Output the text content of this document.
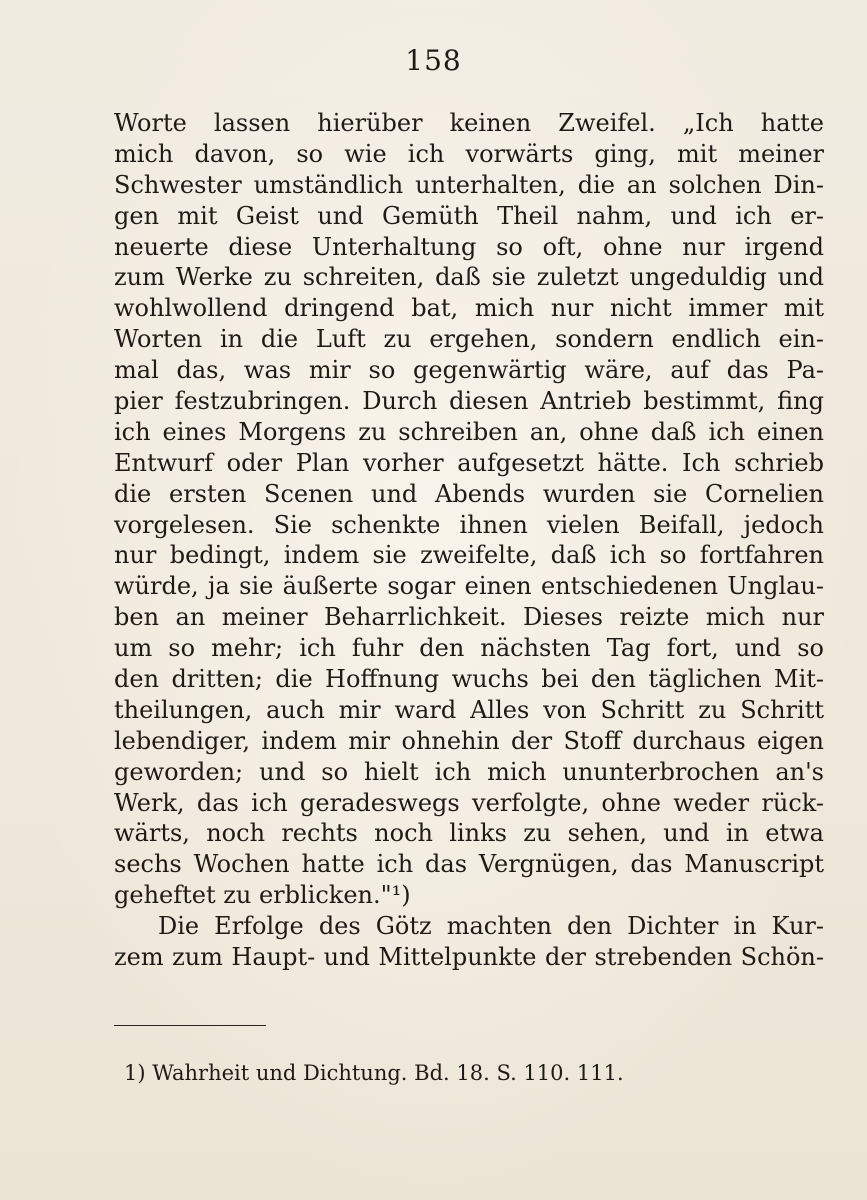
158
Worte lassen hierüber keinen Zweifel. „Ich hatte
mich davon, so wie ich vorwärts ging, mit meiner
Schwester umständlich unterhalten, die an solchen Din-
gen mit Geist und Gemüth Theil nahm, und ich er-
neuerte diese Unterhaltung so oft, ohne nur irgend
zum Werke zu schreiten, daß sie zuletzt ungeduldig und
wohlwollend dringend bat, mich nur nicht immer mit
Worten in die Luft zu ergehen, sondern endlich ein-
mal das, was mir so gegenwärtig wäre, auf das Pa-
pier festzubringen. Durch diesen Antrieb bestimmt, fing
ich eines Morgens zu schreiben an, ohne daß ich einen
Entwurf oder Plan vorher aufgesetzt hätte. Ich schrieb
die ersten Scenen und Abends wurden sie Cornelien
vorgelesen. Sie schenkte ihnen vielen Beifall, jedoch
nur bedingt, indem sie zweifelte, daß ich so fortfahren
würde, ja sie äußerte sogar einen entschiedenen Unglau-
ben an meiner Beharrlichkeit. Dieses reizte mich nur
um so mehr; ich fuhr den nächsten Tag fort, und so
den dritten; die Hoffnung wuchs bei den täglichen Mit-
theilungen, auch mir ward Alles von Schritt zu Schritt
lebendiger, indem mir ohnehin der Stoff durchaus eigen
geworden; und so hielt ich mich ununterbrochen an's
Werk, das ich geradeswegs verfolgte, ohne weder rück-
wärts, noch rechts noch links zu sehen, und in etwa
sechs Wochen hatte ich das Vergnügen, das Manuscript
geheftet zu erblicken."¹)
Die Erfolge des Götz machten den Dichter in Kur-
zem zum Haupt- und Mittelpunkte der strebenden Schön-
1) Wahrheit und Dichtung. Bd. 18. S. 110. 111.
